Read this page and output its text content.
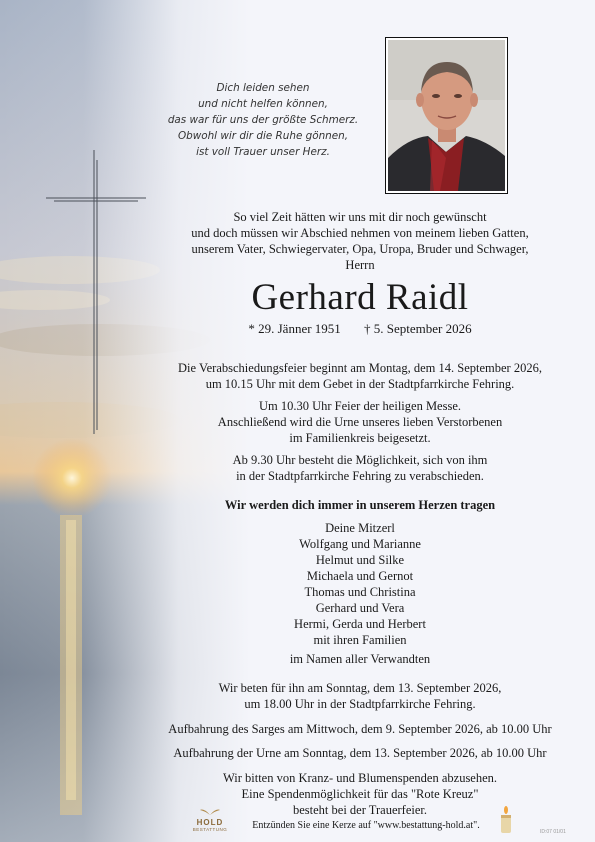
Dich leiden sehen
und nicht helfen können,
das war für uns der größte Schmerz.
Obwohl wir dir die Ruhe gönnen,
ist voll Trauer unser Herz.
So viel Zeit hätten wir uns mit dir noch gewünscht
und doch müssen wir Abschied nehmen von meinem lieben Gatten,
unserem Vater, Schwiegervater, Opa, Uropa, Bruder und Schwager,
Herrn
Gerhard Raidl
* 29. Jänner 1951 † 5. September 2026
Die Verabschiedungsfeier beginnt am Montag, dem 14. September 2026,
um 10.15 Uhr mit dem Gebet in der Stadtpfarrkirche Fehring.
Um 10.30 Uhr Feier der heiligen Messe.
Anschließend wird die Urne unseres lieben Verstorbenen
im Familienkreis beigesetzt.
Ab 9.30 Uhr besteht die Möglichkeit, sich von ihm
in der Stadtpfarrkirche Fehring zu verabschieden.
Wir werden dich immer in unserem Herzen tragen
Deine Mitzerl
Wolfgang und Marianne
Helmut und Silke
Michaela und Gernot
Thomas und Christina
Gerhard und Vera
Hermi, Gerda und Herbert
mit ihren Familien
im Namen aller Verwandten
Wir beten für ihn am Sonntag, dem 13. September 2026,
um 18.00 Uhr in der Stadtpfarrkirche Fehring.
Aufbahrung des Sarges am Mittwoch, dem 9. September 2026, ab 10.00 Uhr
Aufbahrung der Urne am Sonntag, dem 13. September 2026, ab 10.00 Uhr
Wir bitten von Kranz- und Blumenspenden abzusehen.
Eine Spendenmöglichkeit für das "Rote Kreuz"
besteht bei der Trauerfeier.
HOLD
BESTATTUNG	Entzünden Sie eine Kerze auf "www.bestattung-hold.at".
ID:07 01/01
